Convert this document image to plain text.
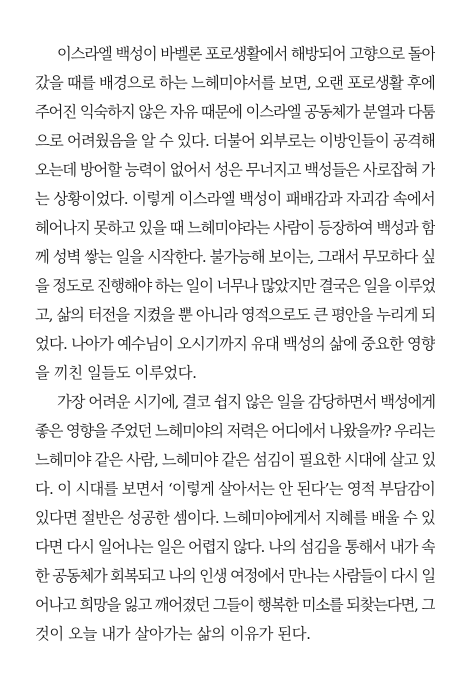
이스라엘 백성이 바벨론 포로생활에서 해방되어 고향으로 돌아
갔을 때를 배경으로 하는 느헤미야서를 보면, 오랜 포로생활 후에
주어진 익숙하지 않은 자유 때문에 이스라엘 공동체가 분열과 다툼
으로 어려웠음을 알 수 있다. 더불어 외부로는 이방인들이 공격해
오는데 방어할 능력이 없어서 성은 무너지고 백성들은 사로잡혀 가
는 상황이었다. 이렇게 이스라엘 백성이 패배감과 자괴감 속에서
헤어나지 못하고 있을 때 느헤미야라는 사람이 등장하여 백성과 함
께 성벽 쌓는 일을 시작한다. 불가능해 보이는, 그래서 무모하다 싶
을 정도로 진행해야 하는 일이 너무나 많았지만 결국은 일을 이루었
고, 삶의 터전을 지켰을 뿐 아니라 영적으로도 큰 평안을 누리게 되
었다. 나아가 예수님이 오시기까지 유대 백성의 삶에 중요한 영향
을 끼친 일들도 이루었다.
가장 어려운 시기에, 결코 쉽지 않은 일을 감당하면서 백성에게
좋은 영향을 주었던 느헤미야의 저력은 어디에서 나왔을까? 우리는
느헤미야 같은 사람, 느헤미야 같은 섬김이 필요한 시대에 살고 있
다. 이 시대를 보면서 ‘이렇게 살아서는 안 된다’는 영적 부담감이
있다면 절반은 성공한 셈이다. 느헤미야에게서 지혜를 배울 수 있
다면 다시 일어나는 일은 어렵지 않다. 나의 섬김을 통해서 내가 속
한 공동체가 회복되고 나의 인생 여정에서 만나는 사람들이 다시 일
어나고 희망을 잃고 깨어졌던 그들이 행복한 미소를 되찾는다면, 그
것이 오늘 내가 살아가는 삶의 이유가 된다.
